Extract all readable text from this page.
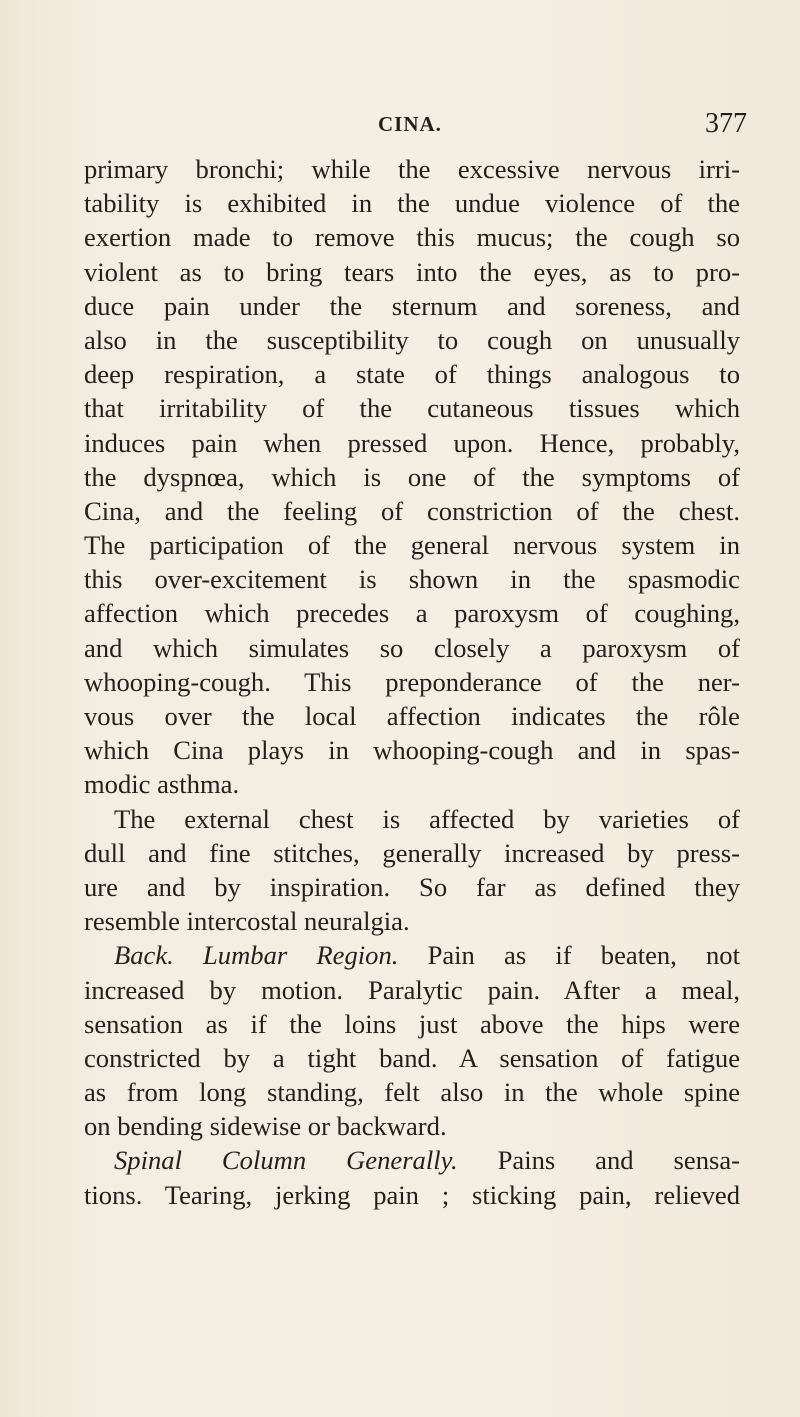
CINA.	377
primary bronchi; while the excessive nervous irri-
tability is exhibited in the undue violence of the
exertion made to remove this mucus; the cough so
violent as to bring tears into the eyes, as to pro-
duce pain under the sternum and soreness, and
also in the susceptibility to cough on unusually
deep respiration, a state of things analogous to
that irritability of the cutaneous tissues which
induces pain when pressed upon. Hence, probably,
the dyspnœa, which is one of the symptoms of
Cina, and the feeling of constriction of the chest.
The participation of the general nervous system in
this over-excitement is shown in the spasmodic
affection which precedes a paroxysm of coughing,
and which simulates so closely a paroxysm of
whooping-cough. This preponderance of the ner-
vous over the local affection indicates the rôle
which Cina plays in whooping-cough and in spas-
modic asthma.
The external chest is affected by varieties of
dull and fine stitches, generally increased by press-
ure and by inspiration. So far as defined they
resemble intercostal neuralgia.
Back. Lumbar Region. Pain as if beaten, not
increased by motion. Paralytic pain. After a meal,
sensation as if the loins just above the hips were
constricted by a tight band. A sensation of fatigue
as from long standing, felt also in the whole spine
on bending sidewise or backward.
Spinal Column Generally. Pains and sensa-
tions. Tearing, jerking pain ; sticking pain, relieved
